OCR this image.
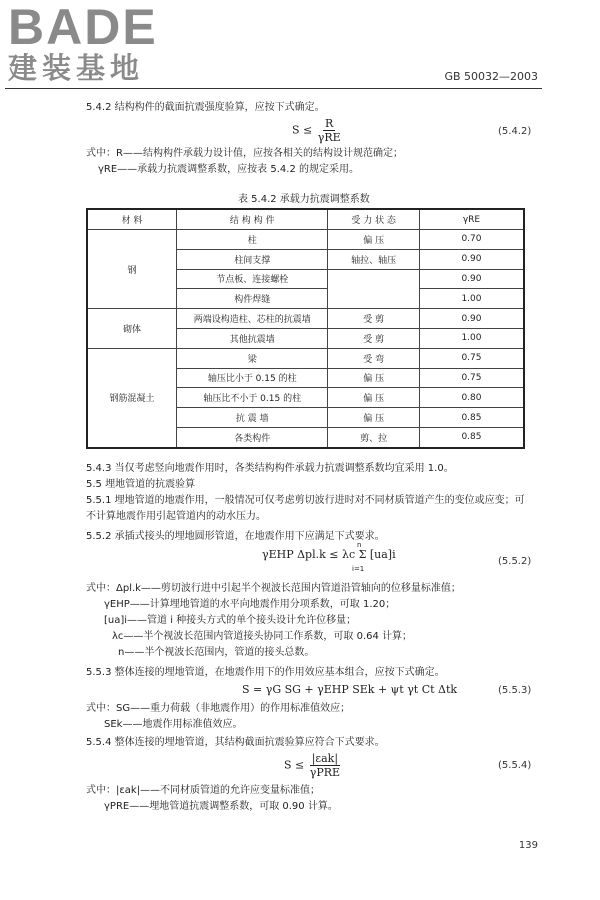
BADE
建装基地	GB 50032—2003
5.4.2 结构构件的截面抗震强度验算，应按下式确定。
$S \le \frac{R}{\text{γRE}}$	(5.4.2)
式中：R——结构构件承载力设计值，应按各相关的结构设计规范确定；
γRE——承载力抗震调整系数，应按表 5.4.2 的规定采用。
表 5.4.2 承载力抗震调整系数
材 料	结 构 构 件	受 力 状 态	γRE
钢	柱	偏 压	0.70
	柱间支撑	轴拉、轴压	0.90
	节点板、连接螺栓		0.90
	构件焊缝		1.00
砌体	两端设构造柱、芯柱的抗震墙	受 剪	0.90
	其他抗震墙	受 剪	1.00
钢筋混凝土	梁	受 弯	0.75
	轴压比小于 0.15 的柱	偏 压	0.75
	轴压比不小于 0.15 的柱	偏 压	0.80
	抗 震 墙	偏 压	0.85
	各类构件	剪、拉	0.85
5.4.3 当仅考虑竖向地震作用时，各类结构构件承载力抗震调整系数均宜采用 1.0。
5.5 埋地管道的抗震验算
5.5.1 埋地管道的地震作用，一般情况可仅考虑剪切波行进时对不同材质管道产生的变位或应变；可
不计算地震作用引起管道内的动水压力。
5.5.2 承插式接头的埋地圆形管道，在地震作用下应满足下式要求。
γEHP Δpl.k ≤ λc Σ [ua]i
n
i=1
(5.5.2)
式中：Δpl.k——剪切波行进中引起半个视波长范围内管道沿管轴向的位移量标准值；
γEHP——计算埋地管道的水平向地震作用分项系数，可取 1.20；
[ua]i——管道 i 种接头方式的单个接头设计允许位移量；
λc——半个视波长范围内管道接头协同工作系数，可取 0.64 计算；
n——半个视波长范围内，管道的接头总数。
5.5.3 整体连接的埋地管道，在地震作用下的作用效应基本组合，应按下式确定。
S = γG SG + γEHP SEk + ψt γt Ct Δtk	(5.5.3)
式中：SG——重力荷载（非地震作用）的作用标准值效应；
SEk——地震作用标准值效应。
5.5.4 整体连接的埋地管道，其结构截面抗震验算应符合下式要求。
$S \le \frac{\text{|εak|}}{\text{γPRE}}$	(5.5.4)
式中：|εak|——不同材质管道的允许应变量标准值；
γPRE——埋地管道抗震调整系数，可取 0.90 计算。
139
